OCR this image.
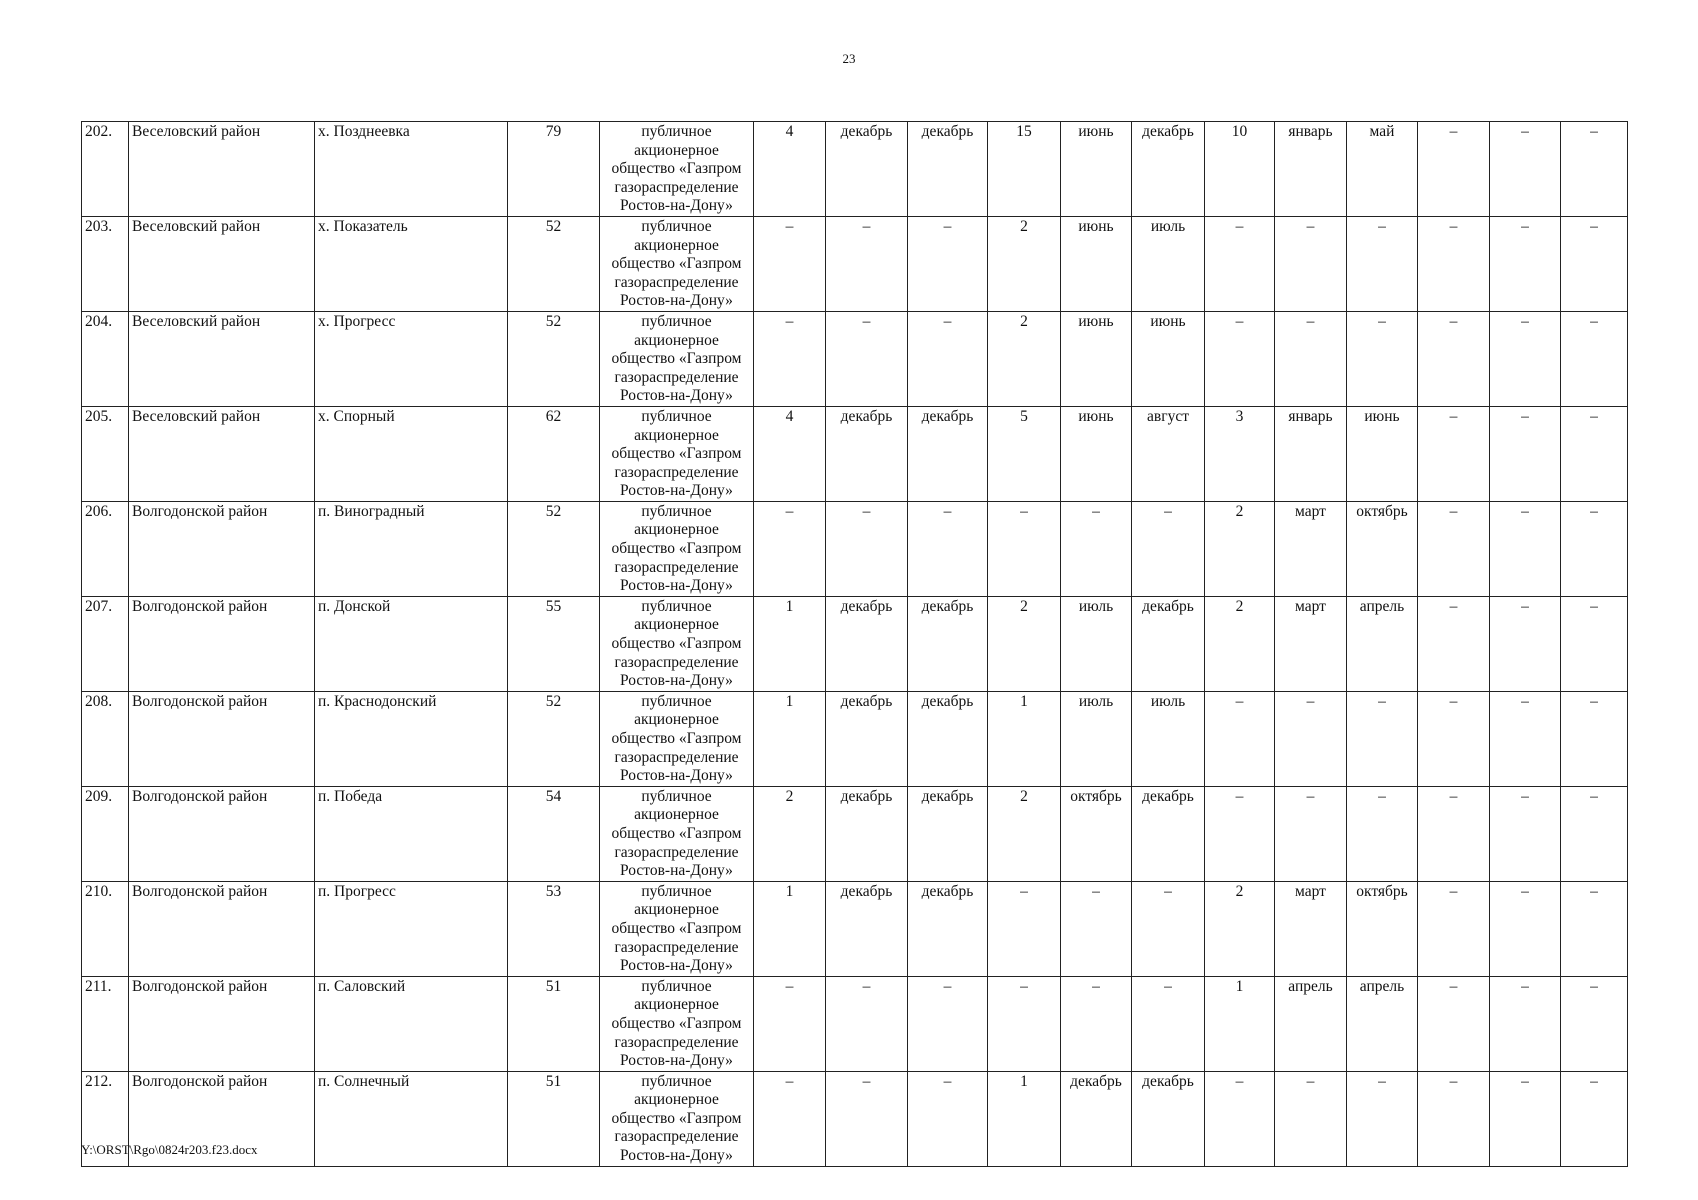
23
202.	Веселовский район	х. Позднеевка	79	публичное
акционерное
общество «Газпром
газораспределение
Ростов-на-Дону»	4	декабрь	декабрь	15	июнь	декабрь	10	январь	май	–	–	–
203.	Веселовский район	х. Показатель	52	публичное
акционерное
общество «Газпром
газораспределение
Ростов-на-Дону»	–	–	–	2	июнь	июль	–	–	–	–	–	–
204.	Веселовский район	х. Прогресс	52	публичное
акционерное
общество «Газпром
газораспределение
Ростов-на-Дону»	–	–	–	2	июнь	июнь	–	–	–	–	–	–
205.	Веселовский район	х. Спорный	62	публичное
акционерное
общество «Газпром
газораспределение
Ростов-на-Дону»	4	декабрь	декабрь	5	июнь	август	3	январь	июнь	–	–	–
206.	Волгодонской район	п. Виноградный	52	публичное
акционерное
общество «Газпром
газораспределение
Ростов-на-Дону»	–	–	–	–	–	–	2	март	октябрь	–	–	–
207.	Волгодонской район	п. Донской	55	публичное
акционерное
общество «Газпром
газораспределение
Ростов-на-Дону»	1	декабрь	декабрь	2	июль	декабрь	2	март	апрель	–	–	–
208.	Волгодонской район	п. Краснодонский	52	публичное
акционерное
общество «Газпром
газораспределение
Ростов-на-Дону»	1	декабрь	декабрь	1	июль	июль	–	–	–	–	–	–
209.	Волгодонской район	п. Победа	54	публичное
акционерное
общество «Газпром
газораспределение
Ростов-на-Дону»	2	декабрь	декабрь	2	октябрь	декабрь	–	–	–	–	–	–
210.	Волгодонской район	п. Прогресс	53	публичное
акционерное
общество «Газпром
газораспределение
Ростов-на-Дону»	1	декабрь	декабрь	–	–	–	2	март	октябрь	–	–	–
211.	Волгодонской район	п. Саловский	51	публичное
акционерное
общество «Газпром
газораспределение
Ростов-на-Дону»	–	–	–	–	–	–	1	апрель	апрель	–	–	–
212.	Волгодонской район	п. Солнечный	51	публичное
акционерное
общество «Газпром
газораспределение
Ростов-на-Дону»	–	–	–	1	декабрь	декабрь	–	–	–	–	–	–
Y:\ORST\Rgo\0824r203.f23.docx
